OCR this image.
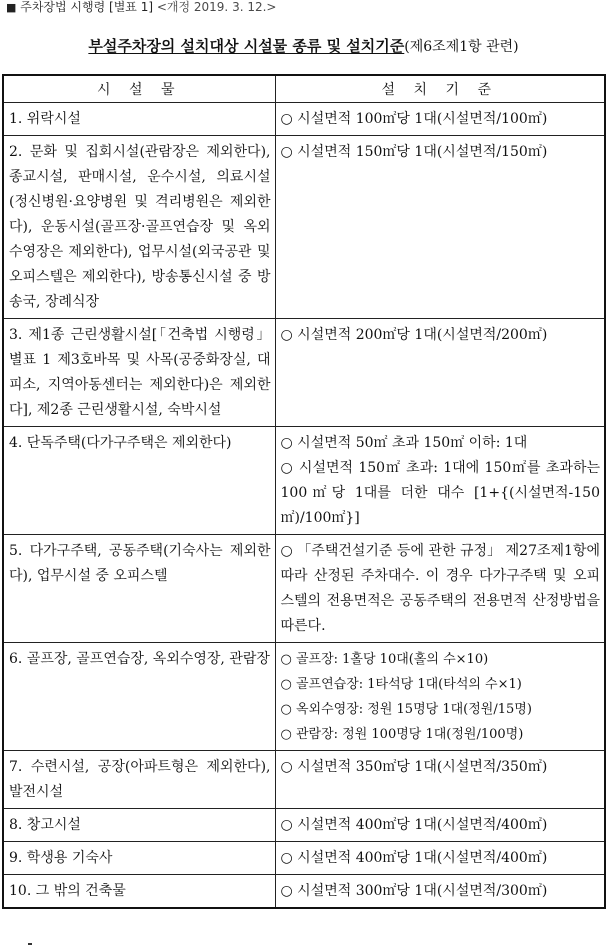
■ 주차장법 시행령 [별표 1] <개정 2019. 3. 12.>
부설주차장의 설치대상 시설물 종류 및 설치기준(제6조제1항 관련)
시 설 물	설 치 기 준
1. 위락시설	○ 시설면적 100㎡당 1대(시설면적/100㎡)

2. 문화 및 집회시설(관람장은 제외한다), 종교시설, 판매시설, 운수시설, 의료시설(정신병원·요양병원 및 격리병원은 제외한다), 운동시설(골프장·골프연습장 및 옥외수영장은 제외한다), 업무시설(외국공관 및 오피스텔은 제외한다), 방송통신시설 중 방송국, 장례식장	○ 시설면적 150㎡당 1대(시설면적/150㎡)

3. 제1종 근린생활시설[「건축법 시행령」 별표 1 제3호바목 및 사목(공중화장실, 대피소, 지역아동센터는 제외한다)은 제외한다], 제2종 근린생활시설, 숙박시설	○ 시설면적 200㎡당 1대(시설면적/200㎡)

4. 단독주택(다가구주택은 제외한다)	○ 시설면적 50㎡ 초과 150㎡ 이하: 1대
○ 시설면적 150㎡ 초과: 1대에 150㎡를 초과하는 100㎡당 1대를 더한 대수 [1+{(시설면적-150㎡)/100㎡}]

5. 다가구주택, 공동주택(기숙사는 제외한다), 업무시설 중 오피스텔	○ 「주택건설기준 등에 관한 규정」 제27조제1항에 따라 산정된 주차대수. 이 경우 다가구주택 및 오피스텔의 전용면적은 공동주택의 전용면적 산정방법을 따른다.

6. 골프장, 골프연습장, 옥외수영장, 관람장	○ 골프장: 1홀당 10대(홀의 수×10)
○ 골프연습장: 1타석당 1대(타석의 수×1)
○ 옥외수영장: 정원 15명당 1대(정원/15명)
○ 관람장: 정원 100명당 1대(정원/100명)

7. 수련시설, 공장(아파트형은 제외한다), 발전시설	○ 시설면적 350㎡당 1대(시설면적/350㎡)

8. 창고시설	○ 시설면적 400㎡당 1대(시설면적/400㎡)

9. 학생용 기숙사	○ 시설면적 400㎡당 1대(시설면적/400㎡)

10. 그 밖의 건축물	○ 시설면적 300㎡당 1대(시설면적/300㎡)
